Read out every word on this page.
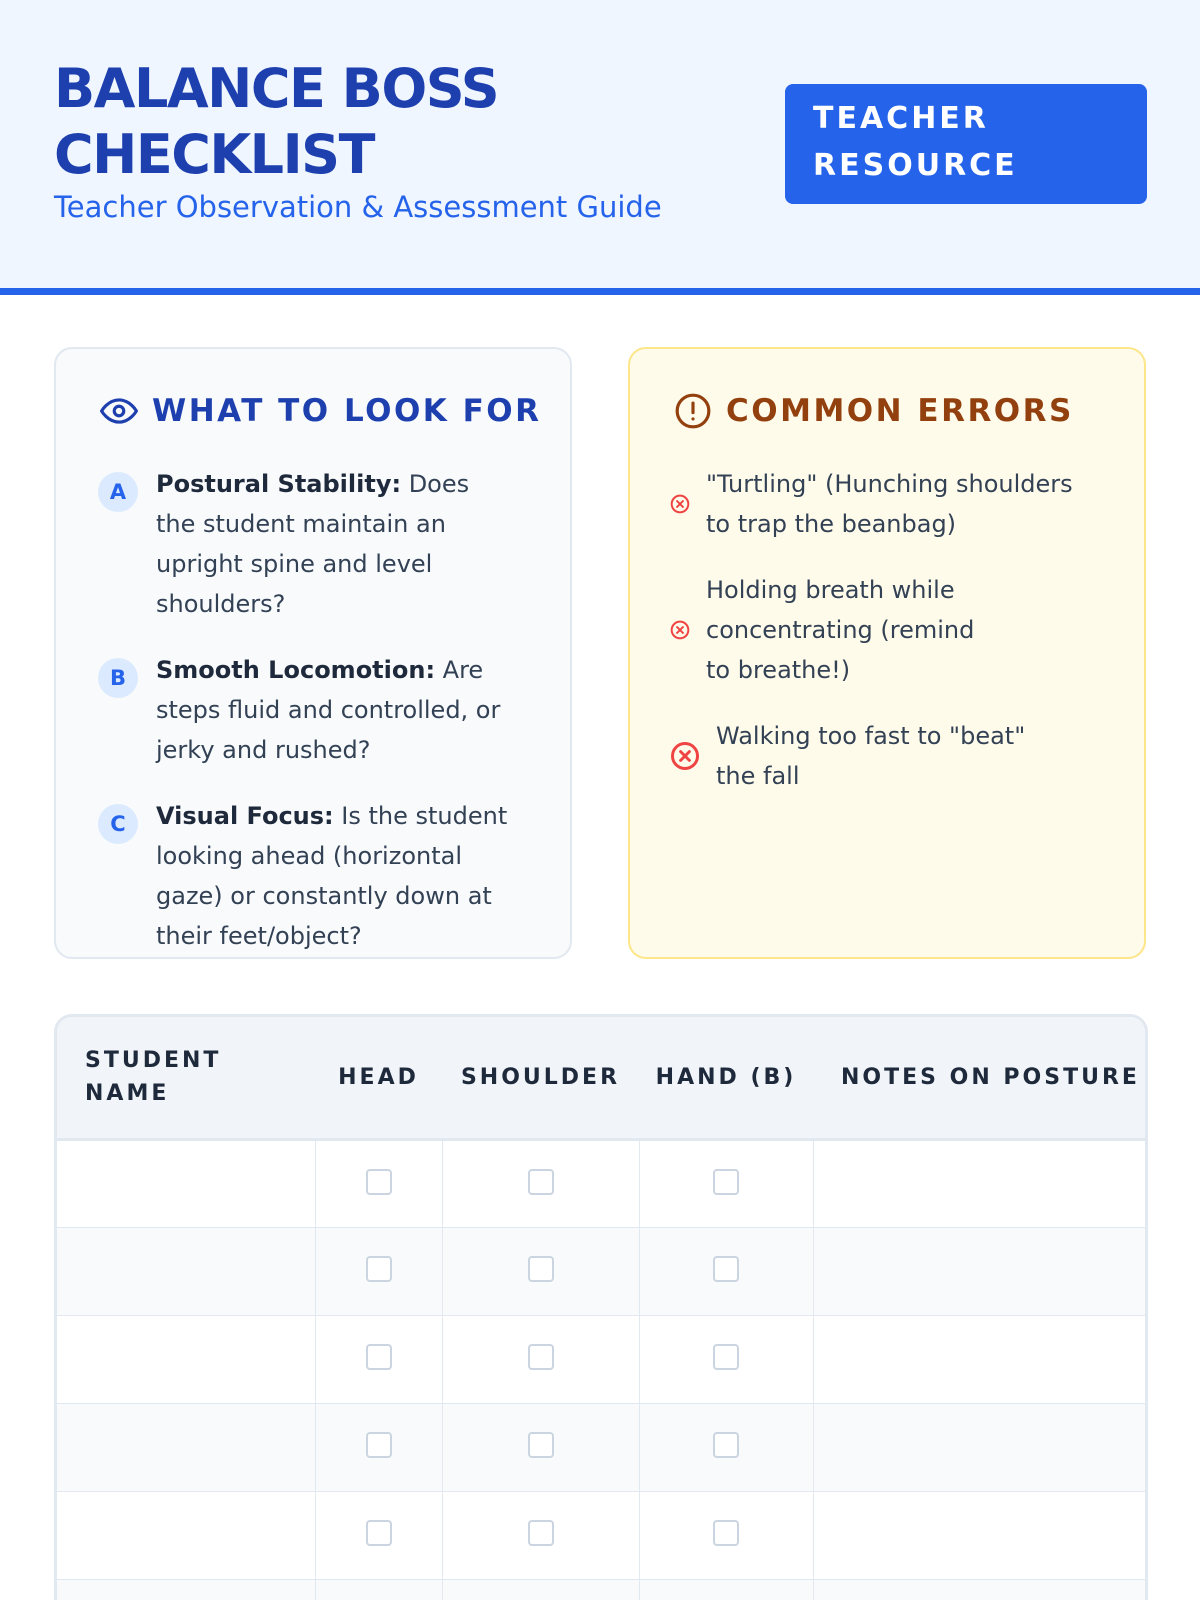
BALANCE BOSS CHECKLIST
Teacher Observation & Assessment Guide
TEACHER RESOURCE
WHAT TO LOOK FOR
A	Postural Stability: Does the student maintain an upright spine and level shoulders?
B	Smooth Locomotion: Are steps fluid and controlled, or jerky and rushed?
C	Visual Focus: Is the student looking ahead (horizontal gaze) or constantly down at their feet/object?
COMMON ERRORS
"Turtling" (Hunching shoulders to trap the beanbag)
Holding breath while concentrating (remind to breathe!)
Walking too fast to "beat" the fall
STUDENT NAME	HEAD	SHOULDER	HAND (B)	NOTES ON POSTURE
